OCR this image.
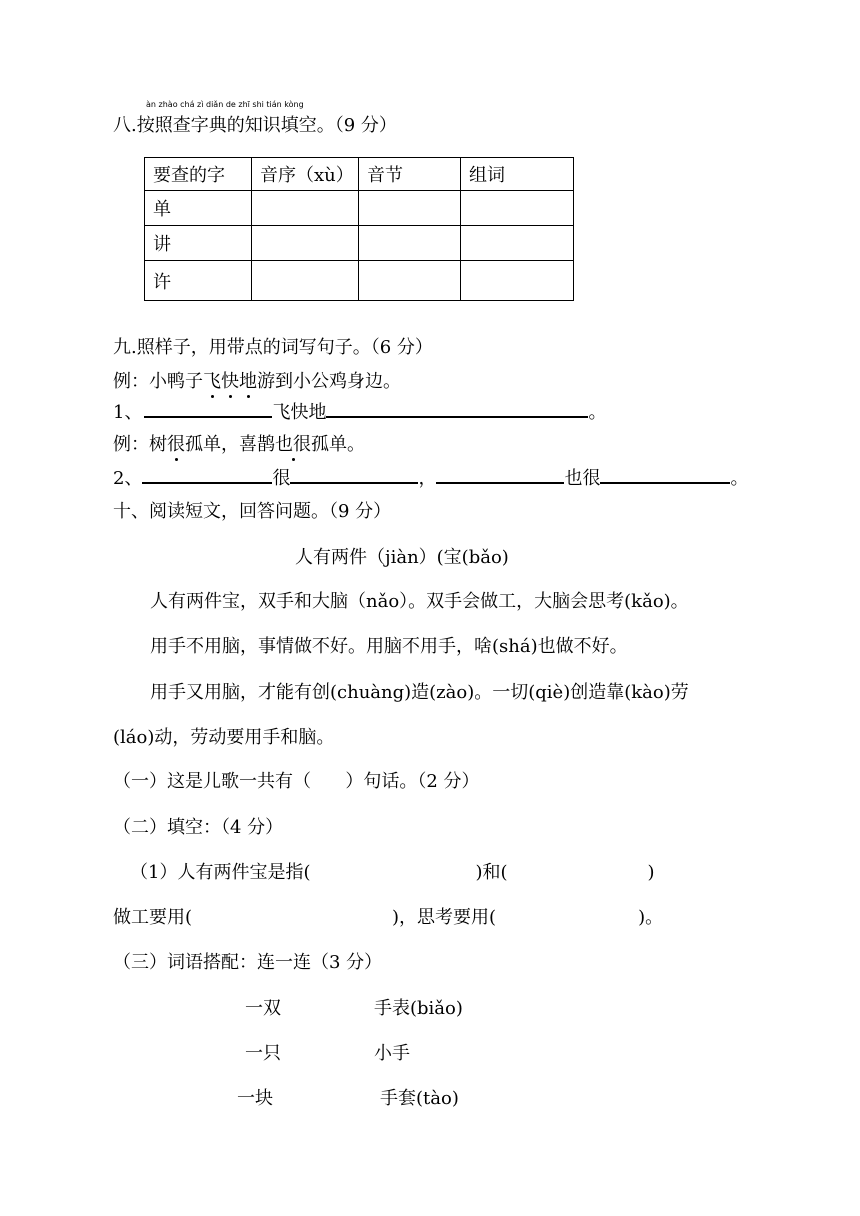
àn zhào chá zì diǎn de zhī shi tián kòng
八.按照查字典的知识填空。（9 分）
要查的字	音序（xù）	音节	组词
单			
讲			
许			
九.照样子，用带点的词写句子。（6 分）
例：小鸭子飞快地游到小公鸡身边。
1、	飞快地	。
例：树很孤单，喜鹊也很孤单。
2、	很	，	也很	。
十、阅读短文，回答问题。（9 分）
人有两件（jiàn）(宝(bǎo)
人有两件宝，双手和大脑（nǎo）。双手会做工，大脑会思考(kǎo)。
用手不用脑，事情做不好。用脑不用手，啥(shá)也做不好。
用手又用脑，才能有创(chuàng)造(zào)。一切(qiè)创造靠(kào)劳
(láo)动，劳动要用手和脑。
（一）这是儿歌一共有（      ）句话。（2 分）
（二）填空：（4 分）
（1）人有两件宝是指(	)和(	)
做工要用(	)，思考要用(	)。
（三）词语搭配：连一连（3 分）
一双
一只
一块
手表(biǎo)
小手
手套(tào)
